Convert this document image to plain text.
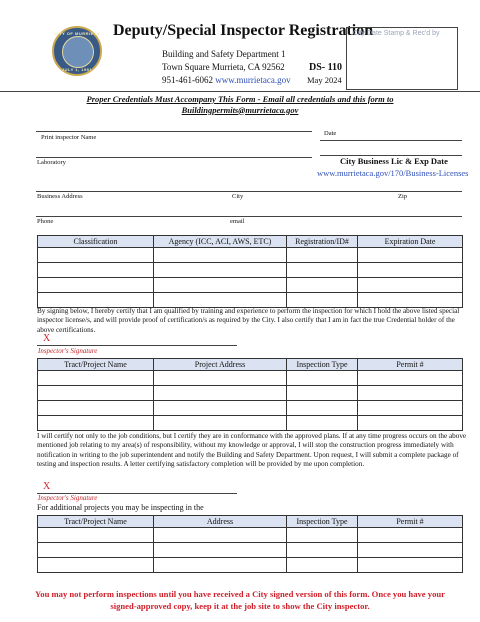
CITY OF MURRIETA
JULY 1, 1991
Deputy/Special Inspector Registration
Building and Safety Department 1
Town Square Murrieta, CA 92562
951-461-6062 www.murrietaca.gov
DS- 110
May 2024
City Date Stamp & Rec'd by
Proper Credentials Must Accompany This Form - Email all credentials and this form to
Buildingpermits@murrietaca.gov
Print inspector Name
Date
Laboratory	City Business Lic & Exp Date
www.murrietaca.gov/170/Business-Licenses
Business Address	City	Zip
Phone	email
Classification	Agency (ICC, ACI, AWS, ETC)	Registration/ID#	Expiration Date

By signing below, I hereby certify that I am qualified by training and experience to perform the inspection for which I hold the above listed special inspector license/s, and will provide proof of certification/s as required by the City. I also certify that I am in fact the true Credential holder of the above certifications.
X
Inspector's Signature
Tract/Project Name	Project Address	Inspection Type	Permit #

I will certify not only to the job conditions, but I certify they are in conformance with the approved plans. If at any time progress occurs on the above mentioned job relating to my area(s) of responsibility, without my knowledge or approval, I will stop the construction progress immediately with notification in writing to the job superintendent and notify the Building and Safety Department. Upon request, I will submit a complete package of testing and inspection results. A letter certifying satisfactory completion will be provided by me upon completion.
X
Inspector's Signature
For additional projects you may be inspecting in the
Tract/Project Name	Address	Inspection Type	Permit #

You may not perform inspections until you have received a City signed version of this form. Once you have your
signed-approved copy, keep it at the job site to show the City inspector.
